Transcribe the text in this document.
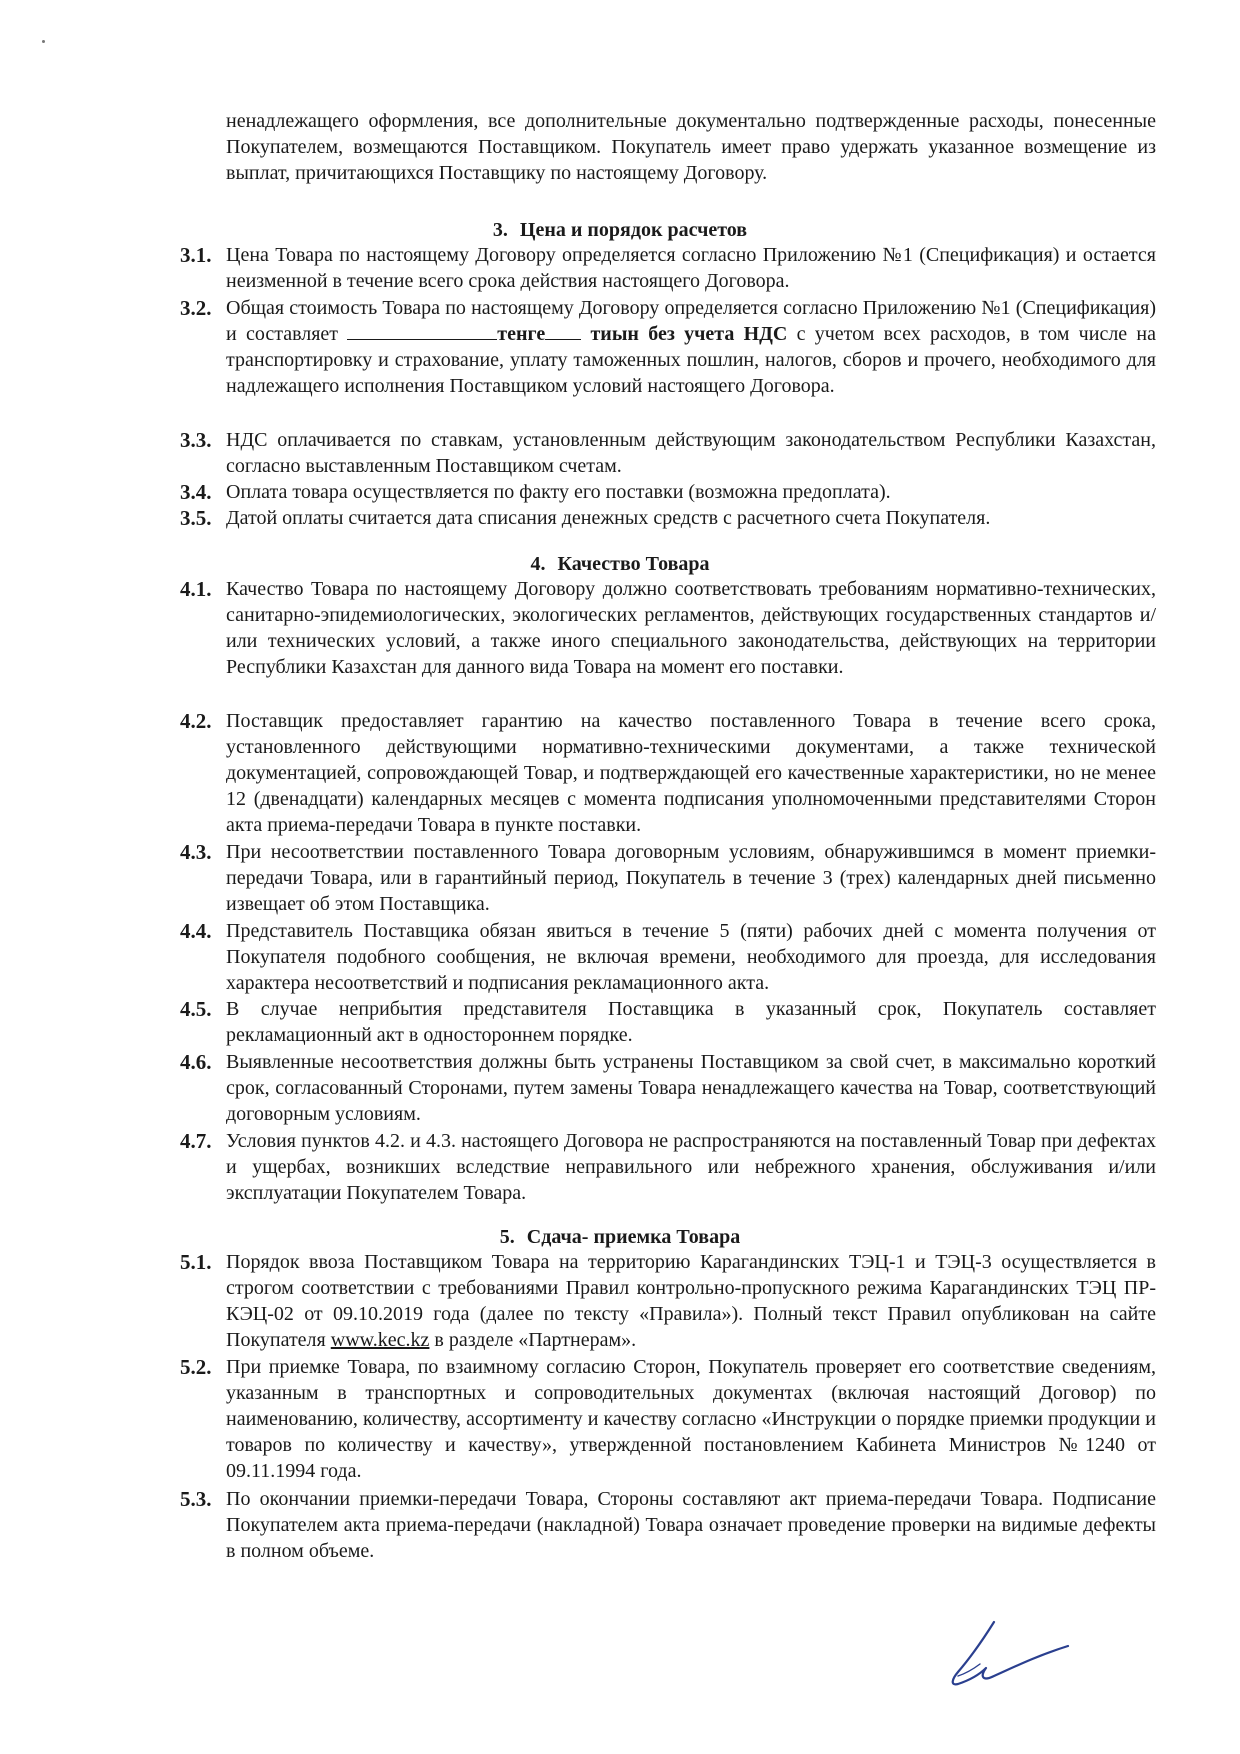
ненадлежащего оформления, все дополнительные документально подтвержденные расходы, понесенные Покупателем, возмещаются Поставщиком. Покупатель имеет право удержать указанное возмещение из выплат, причитающихся Поставщику по настоящему Договору.
3. Цена и порядок расчетов
3.1. Цена Товара по настоящему Договору определяется согласно Приложению №1 (Спецификация) и остается неизменной в течение всего срока действия настоящего Договора.
3.2. Общая стоимость Товара по настоящему Договору определяется согласно Приложению №1 (Спецификация) и составляет	тенге тиын без учета НДС с учетом всех расходов, в том числе на транспортировку и страхование, уплату таможенных пошлин, налогов, сборов и прочего, необходимого для надлежащего исполнения Поставщиком условий настоящего Договора.
3.3. НДС оплачивается по ставкам, установленным действующим законодательством Республики Казахстан, согласно выставленным Поставщиком счетам.
3.4. Оплата товара осуществляется по факту его поставки (возможна предоплата).
3.5. Датой оплаты считается дата списания денежных средств с расчетного счета Покупателя.
4. Качество Товара
4.1. Качество Товара по настоящему Договору должно соответствовать требованиям нормативно-технических, санитарно-эпидемиологических, экологических регламентов, действующих государственных стандартов и/или технических условий, а также иного специального законодательства, действующих на территории Республики Казахстан для данного вида Товара на момент его поставки.
4.2. Поставщик предоставляет гарантию на качество поставленного Товара в течение всего срока, установленного действующими нормативно-техническими документами, а также технической документацией, сопровождающей Товар, и подтверждающей его качественные характеристики, но не менее 12 (двенадцати) календарных месяцев с момента подписания уполномоченными представителями Сторон акта приема-передачи Товара в пункте поставки.
4.3. При несоответствии поставленного Товара договорным условиям, обнаружившимся в момент приемки-передачи Товара, или в гарантийный период, Покупатель в течение 3 (трех) календарных дней письменно извещает об этом Поставщика.
4.4. Представитель Поставщика обязан явиться в течение 5 (пяти) рабочих дней с момента получения от Покупателя подобного сообщения, не включая времени, необходимого для проезда, для исследования характера несоответствий и подписания рекламационного акта.
4.5. В случае неприбытия представителя Поставщика в указанный срок, Покупатель составляет рекламационный акт в одностороннем порядке.
4.6. Выявленные несоответствия должны быть устранены Поставщиком за свой счет, в максимально короткий срок, согласованный Сторонами, путем замены Товара ненадлежащего качества на Товар, соответствующий договорным условиям.
4.7. Условия пунктов 4.2. и 4.3. настоящего Договора не распространяются на поставленный Товар при дефектах и ущербах, возникших вследствие неправильного или небрежного хранения, обслуживания и/или эксплуатации Покупателем Товара.
5. Сдача- приемка Товара
5.1. Порядок ввоза Поставщиком Товара на территорию Карагандинских ТЭЦ-1 и ТЭЦ-3 осуществляется в строгом соответствии с требованиями Правил контрольно-пропускного режима Карагандинских ТЭЦ ПР-КЭЦ-02 от 09.10.2019 года (далее по тексту «Правила»). Полный текст Правил опубликован на сайте Покупателя www.kec.kz в разделе «Партнерам».
5.2. При приемке Товара, по взаимному согласию Сторон, Покупатель проверяет его соответствие сведениям, указанным в транспортных и сопроводительных документах (включая настоящий Договор) по наименованию, количеству, ассортименту и качеству согласно «Инструкции о порядке приемки продукции и товаров по количеству и качеству», утвержденной постановлением Кабинета Министров №1240 от 09.11.1994 года.
5.3. По окончании приемки-передачи Товара, Стороны составляют акт приема-передачи Товара. Подписание Покупателем акта приема-передачи (накладной) Товара означает проведение проверки на видимые дефекты в полном объеме.
